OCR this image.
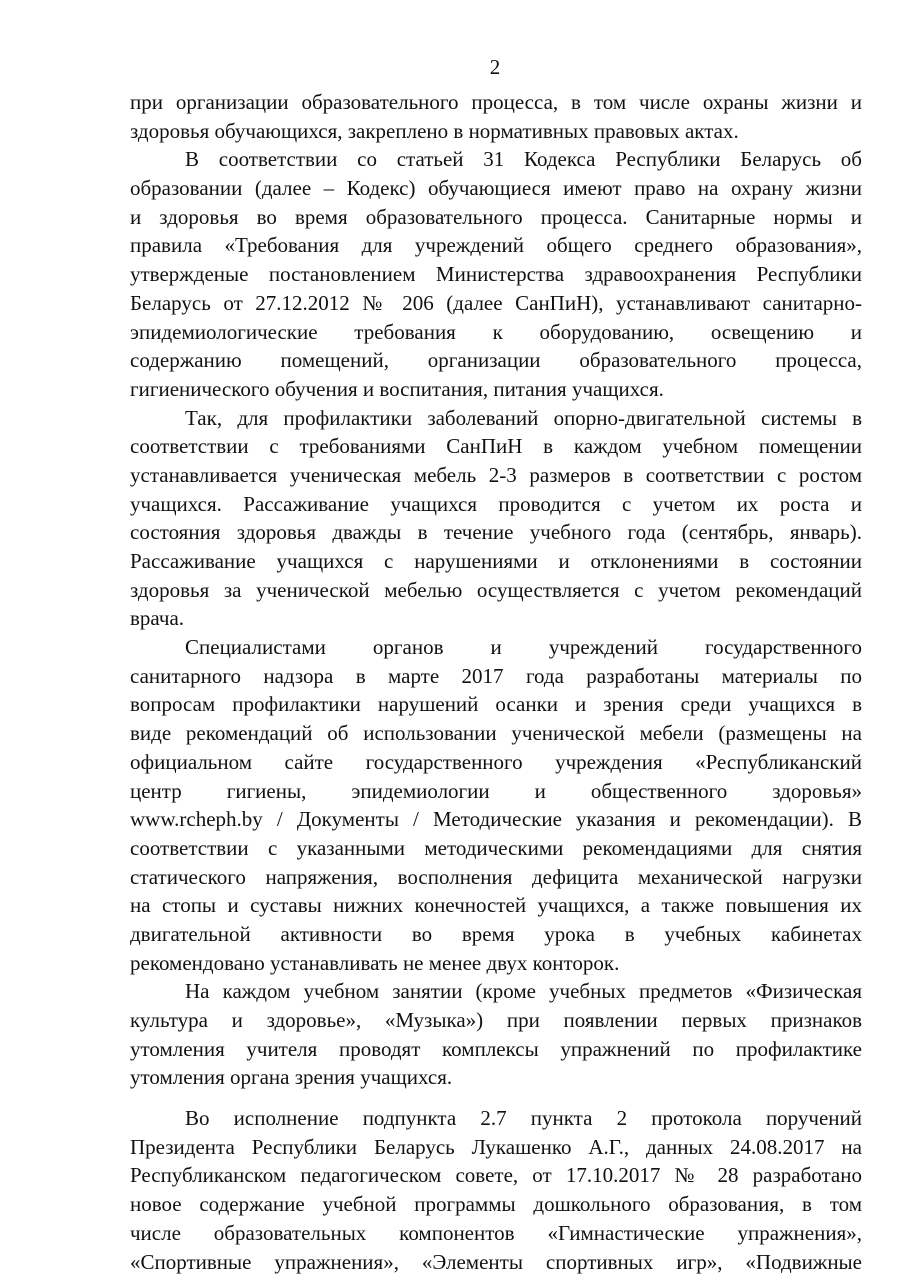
2
при организации образовательного процесса, в том числе охраны жизни и
здоровья обучающихся, закреплено в нормативных правовых актах.
В соответствии со статьей 31 Кодекса Республики Беларусь об
образовании (далее – Кодекс) обучающиеся имеют право на охрану жизни
и здоровья во время образовательного процесса. Санитарные нормы и
правила «Требования для учреждений общего среднего образования»,
утвержденые постановлением Министерства здравоохранения Республики
Беларусь от 27.12.2012 № 206 (далее СанПиН), устанавливают санитарно-
эпидемиологические требования к оборудованию, освещению и
содержанию помещений, организации образовательного процесса,
гигиенического обучения и воспитания, питания учащихся.
Так, для профилактики заболеваний опорно-двигательной системы в
соответствии с требованиями СанПиН в каждом учебном помещении
устанавливается ученическая мебель 2-3 размеров в соответствии с ростом
учащихся. Рассаживание учащихся проводится с учетом их роста и
состояния здоровья дважды в течение учебного года (сентябрь, январь).
Рассаживание учащихся с нарушениями и отклонениями в состоянии
здоровья за ученической мебелью осуществляется с учетом рекомендаций
врача.
Специалистами органов и учреждений государственного
санитарного надзора в марте 2017 года разработаны материалы по
вопросам профилактики нарушений осанки и зрения среди учащихся в
виде рекомендаций об использовании ученической мебели (размещены на
официальном сайте государственного учреждения «Республиканский
центр гигиены, эпидемиологии и общественного здоровья»
www.rcheph.by / Документы / Методические указания и рекомендации). В
соответствии с указанными методическими рекомендациями для снятия
статического напряжения, восполнения дефицита механической нагрузки
на стопы и суставы нижних конечностей учащихся, а также повышения их
двигательной активности во время урока в учебных кабинетах
рекомендовано устанавливать не менее двух конторок.
На каждом учебном занятии (кроме учебных предметов «Физическая
культура и здоровье», «Музыка») при появлении первых признаков
утомления учителя проводят комплексы упражнений по профилактике
утомления органа зрения учащихся.
Во исполнение подпункта 2.7 пункта 2 протокола поручений
Президента Республики Беларусь Лукашенко А.Г., данных 24.08.2017 на
Республиканском педагогическом совете, от 17.10.2017 № 28 разработано
новое содержание учебной программы дошкольного образования, в том
числе образовательных компонентов «Гимнастические упражнения»,
«Спортивные упражнения», «Элементы спортивных игр», «Подвижные
